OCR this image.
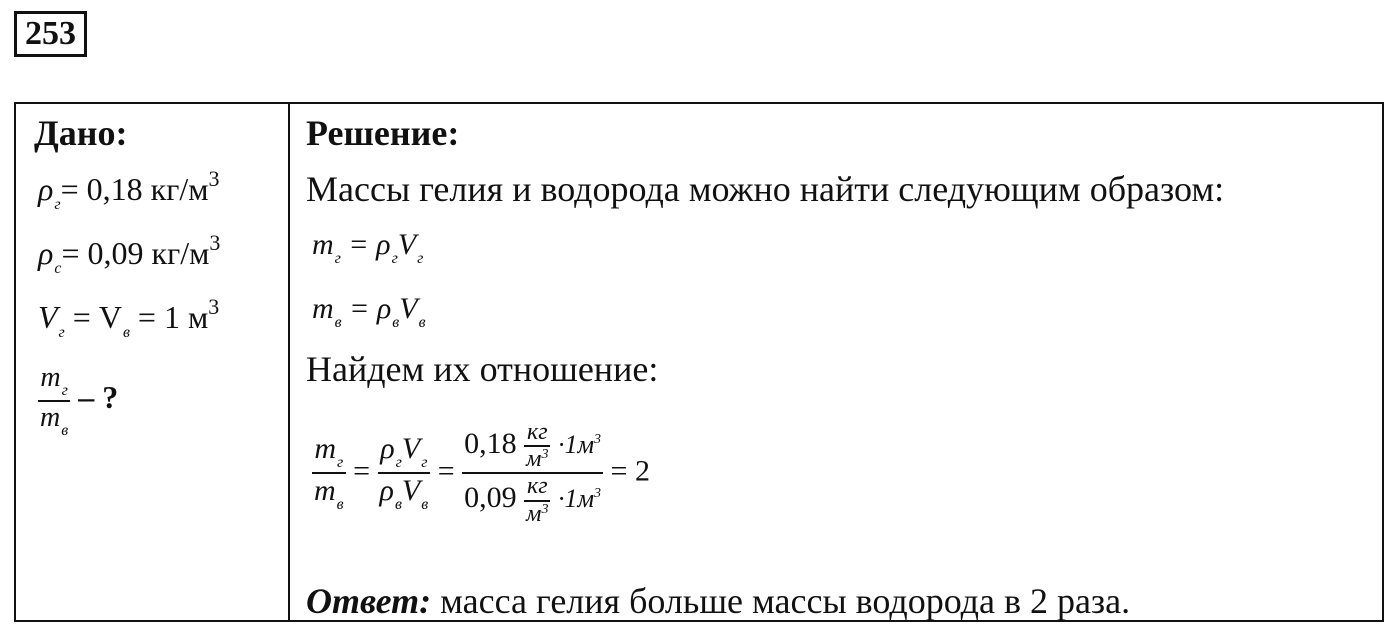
253
Дано:
$\rho_г= 0,18$ $кг/м^3$
$\rho_с= 0,09$ $кг/м^3$
$V_г = V_в = 1$ $м^3$
$\frac{m_г}{m_в}$ – ?
Решение:
Массы гелия и водорода можно найти следующим образом:
$m_г = \rho_гV_г$
$m_в = \rho_вV_в$
Найдем их отношение:
$\frac{m_г}{m_в} = \frac{\rho_гV_г}{\rho_вV_в} = \frac{0,18 \frac{кг}{м^3} \cdot 1м^3}{0,09 \frac{кг}{м^3} \cdot 1м^3} = 2$
Ответ: масса гелия больше массы водорода в 2 раза.
